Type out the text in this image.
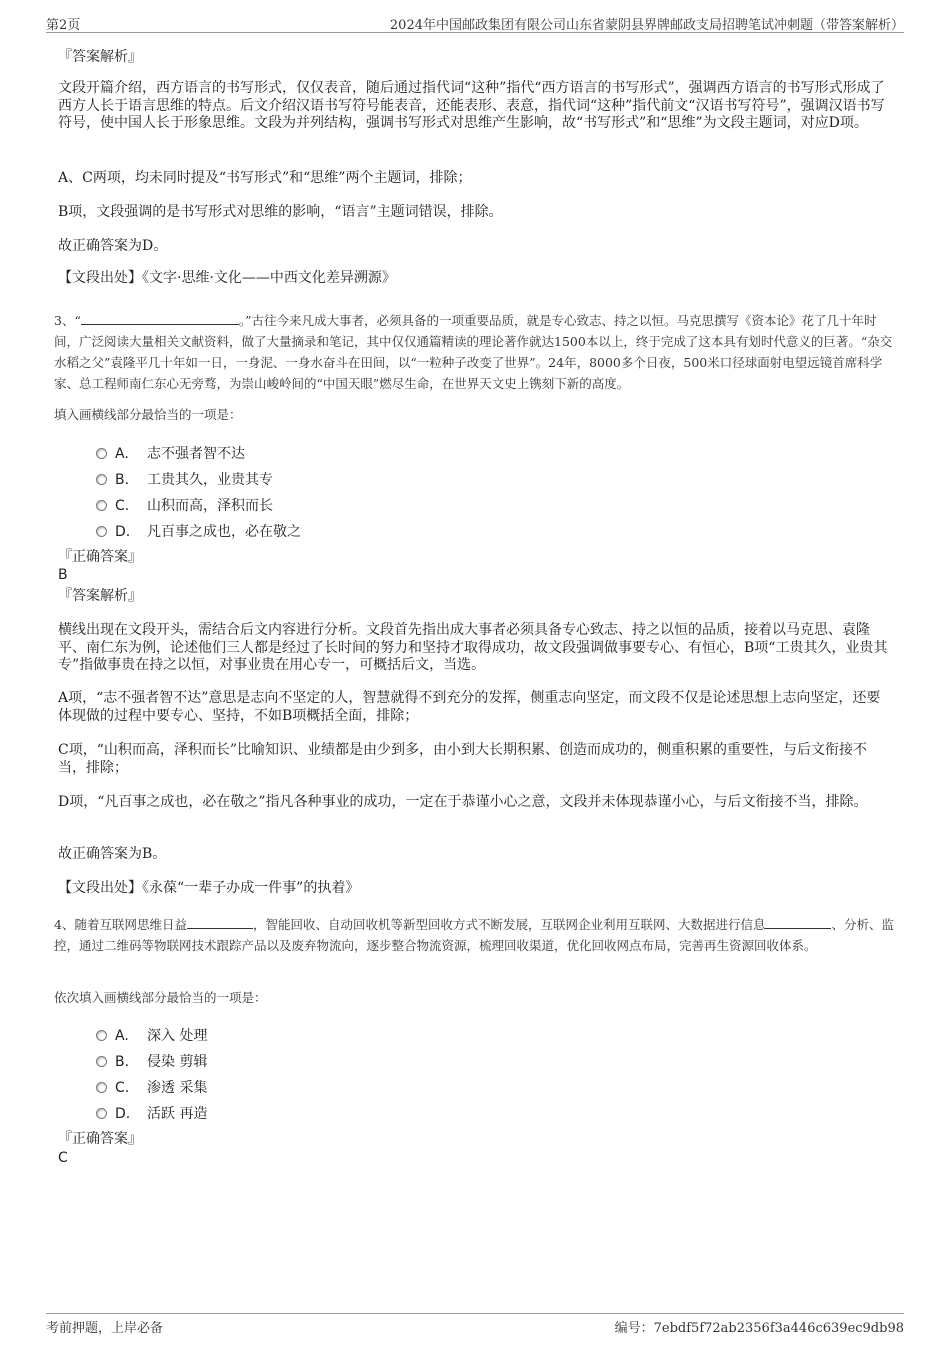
第2页	2024年中国邮政集团有限公司山东省蒙阴县界牌邮政支局招聘笔试冲刺题（带答案解析）
『答案解析』
文段开篇介绍，西方语言的书写形式，仅仅表音，随后通过指代词“这种”指代“西方语言的书写形式”，强调西方语言的书写形式形成了西方人长于语言思维的特点。后文介绍汉语书写符号能表音，还能表形、表意，指代词“这种”指代前文“汉语书写符号”，强调汉语书写符号，使中国人长于形象思维。文段为并列结构，强调书写形式对思维产生影响，故“书写形式”和“思维”为文段主题词，对应D项。
A、C两项，均未同时提及“书写形式”和“思维”两个主题词，排除；
B项，文段强调的是书写形式对思维的影响，“语言”主题词错误，排除。
故正确答案为D。
【文段出处】《文字·思维·文化——中西文化差异溯源》
3、“	。”古往今来凡成大事者，必须具备的一项重要品质，就是专心致志、持之以恒。马克思撰写《资本论》花了几十年时间，广泛阅读大量相关文献资料，做了大量摘录和笔记，其中仅仅通篇精读的理论著作就达1500本以上，终于完成了这本具有划时代意义的巨著。“杂交水稻之父”袁隆平几十年如一日，一身泥、一身水奋斗在田间，以“一粒种子改变了世界”。24年，8000多个日夜，500米口径球面射电望远镜首席科学家、总工程师南仁东心无旁骛，为崇山峻岭间的“中国天眼”燃尽生命，在世界天文史上镌刻下新的高度。
填入画横线部分最恰当的一项是：
A. 志不强者智不达
B. 工贵其久，业贵其专
C. 山积而高，泽积而长
D. 凡百事之成也，必在敬之
『正确答案』
B
『答案解析』
横线出现在文段开头，需结合后文内容进行分析。文段首先指出成大事者必须具备专心致志、持之以恒的品质，接着以马克思、袁隆平、南仁东为例，论述他们三人都是经过了长时间的努力和坚持才取得成功，故文段强调做事要专心、有恒心，B项“工贵其久，业贵其专”指做事贵在持之以恒，对事业贵在用心专一，可概括后文，当选。
A项，“志不强者智不达”意思是志向不坚定的人，智慧就得不到充分的发挥，侧重志向坚定，而文段不仅是论述思想上志向坚定，还要体现做的过程中要专心、坚持，不如B项概括全面，排除；
C项，“山积而高，泽积而长”比喻知识、业绩都是由少到多，由小到大长期积累、创造而成功的，侧重积累的重要性，与后文衔接不当，排除；
D项，“凡百事之成也，必在敬之”指凡各种事业的成功，一定在于恭谨小心之意，文段并未体现恭谨小心，与后文衔接不当，排除。
故正确答案为B。
【文段出处】《永葆“一辈子办成一件事”的执着》
4、随着互联网思维日益	，智能回收、自动回收机等新型回收方式不断发展，互联网企业利用互联网、大数据进行信息	、分析、监控，通过二维码等物联网技术跟踪产品以及废弃物流向，逐步整合物流资源，梳理回收渠道，优化回收网点布局，完善再生资源回收体系。
依次填入画横线部分最恰当的一项是：
A. 深入 处理
B. 侵染 剪辑
C. 渗透 采集
D. 活跃 再造
『正确答案』
C
考前押题，上岸必备	编号：7ebdf5f72ab2356f3a446c639ec9db98
